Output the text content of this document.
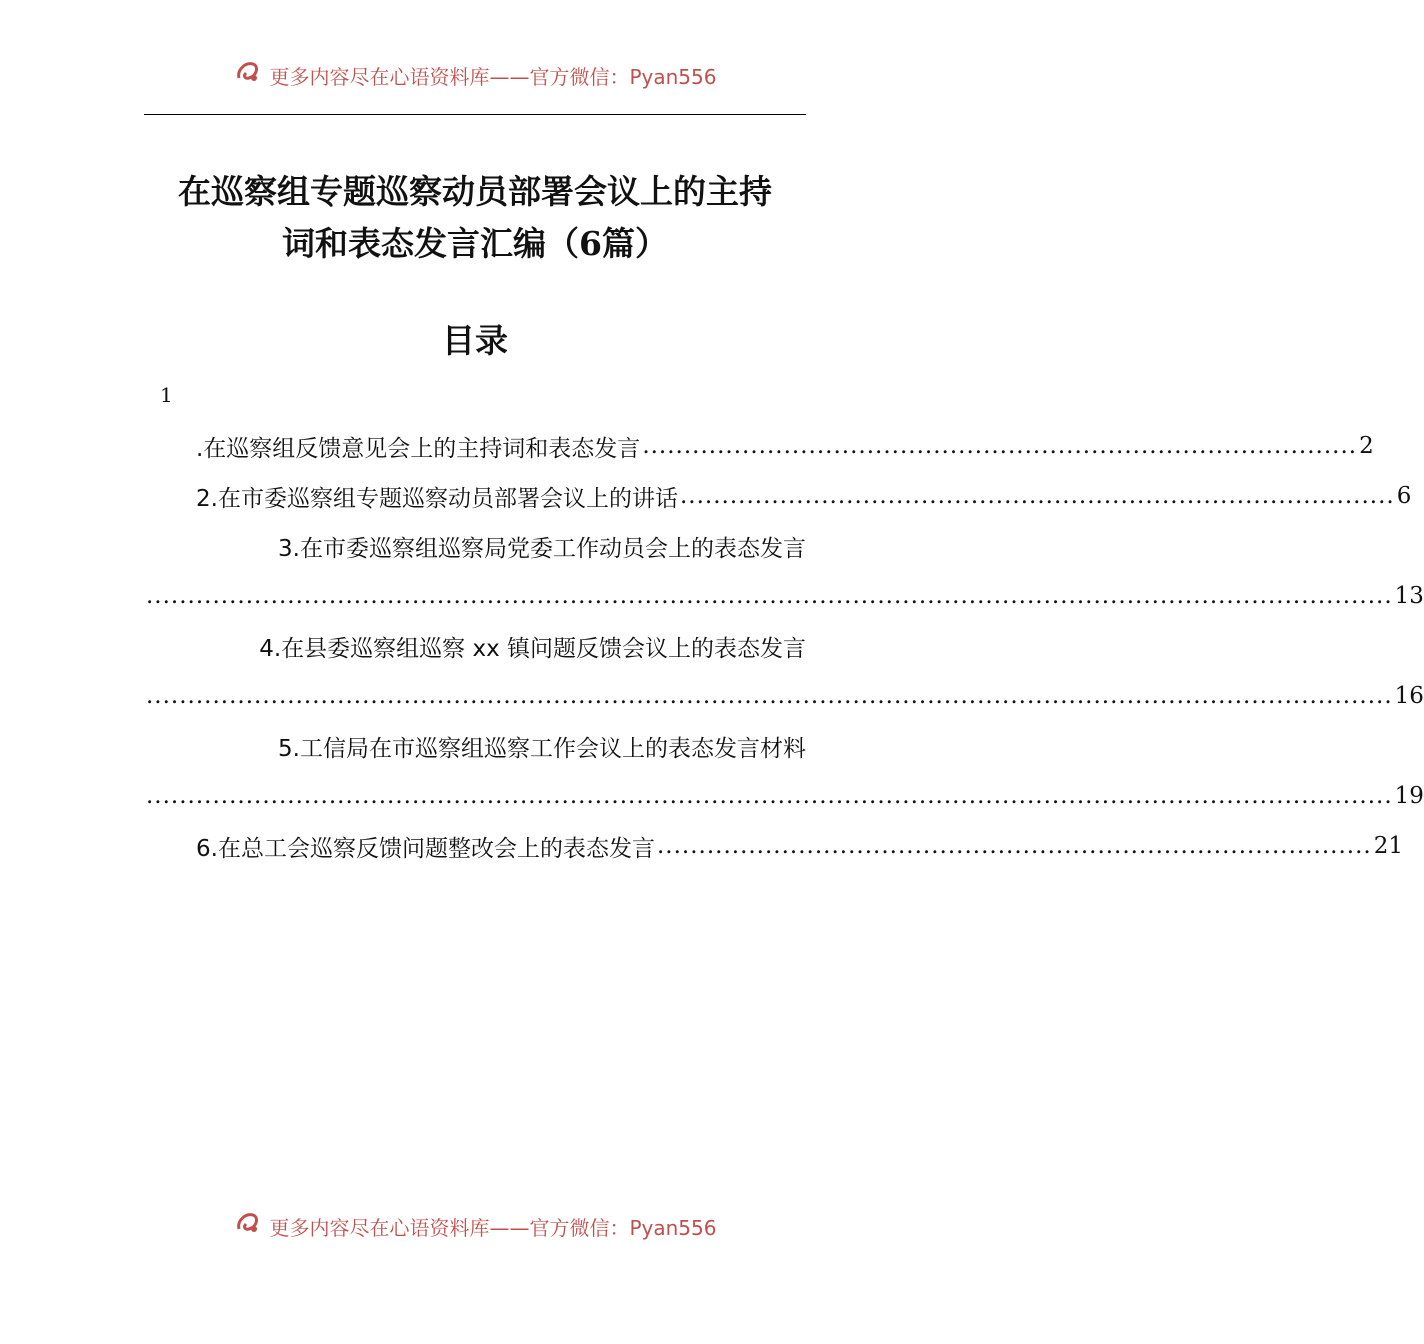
更多内容尽在心语资料库——官方微信：Pyan556
在巡察组专题巡察动员部署会议上的主持
词和表态发言汇编（6篇）
目录
1
.在巡察组反馈意见会上的主持词和表态发言 ...................................................................................... 2
2.在市委巡察组专题巡察动员部署会议上的讲话 ...................................................................................... 6
3.在市委巡察组巡察局党委工作动员会上的表态发言
...................................................................................................................................................... 13
4.在县委巡察组巡察 xx 镇问题反馈会议上的表态发言
...................................................................................................................................................... 16
5.工信局在市巡察组巡察工作会议上的表态发言材料
...................................................................................................................................................... 19
6.在总工会巡察反馈问题整改会上的表态发言 ...................................................................................... 21
更多内容尽在心语资料库——官方微信：Pyan556
